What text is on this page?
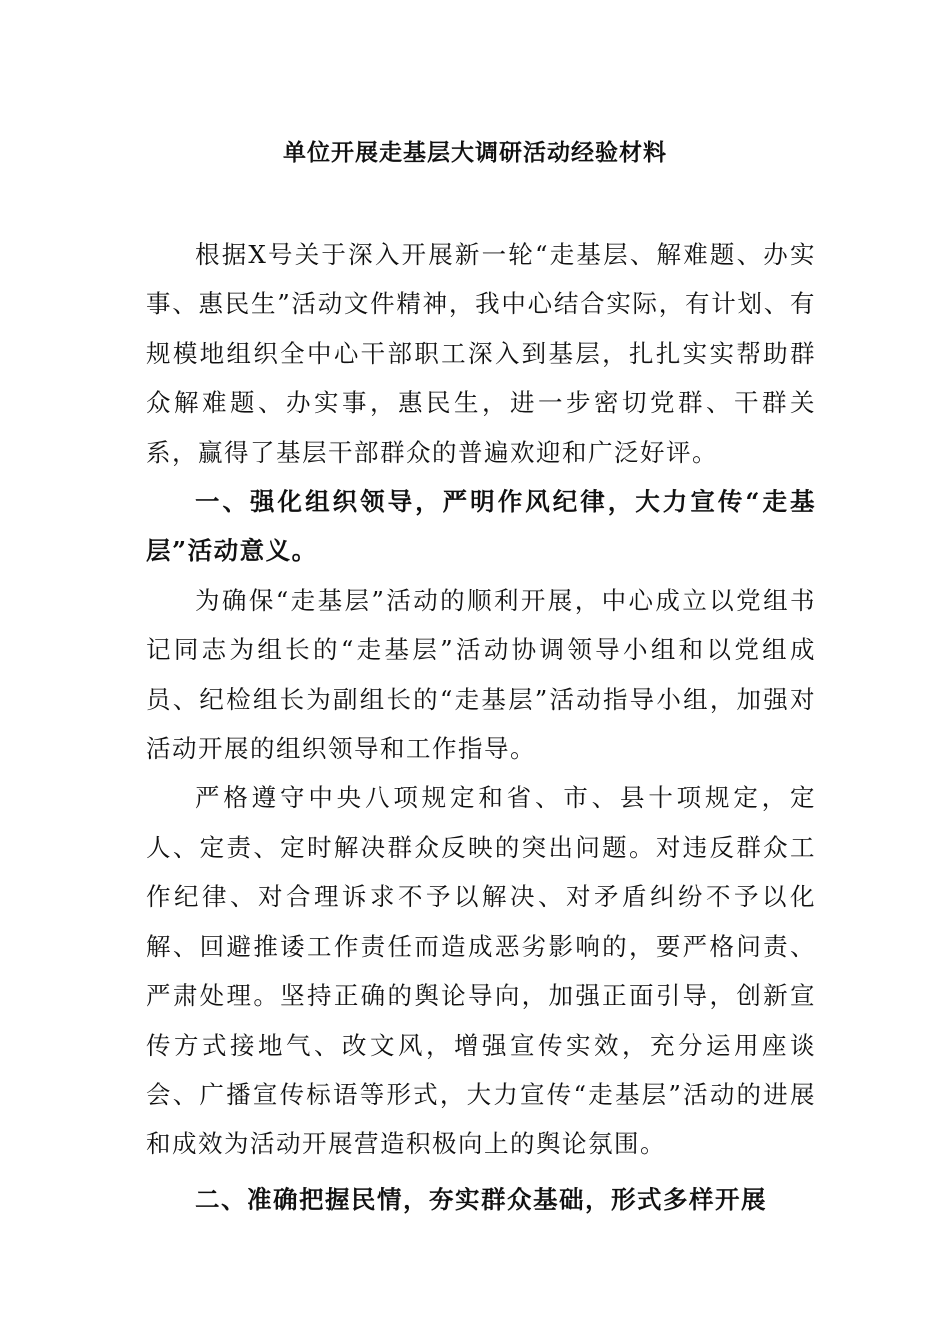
单位开展走基层大调研活动经验材料

根据X号关于深入开展新一轮“走基层、解难题、办实事、惠民生”活动文件精神，我中心结合实际，有计划、有规模地组织全中心干部职工深入到基层，扎扎实实帮助群众解难题、办实事，惠民生，进一步密切党群、干群关系，赢得了基层干部群众的普遍欢迎和广泛好评。

一、强化组织领导，严明作风纪律，大力宣传“走基层”活动意义。

为确保“走基层”活动的顺利开展，中心成立以党组书记同志为组长的“走基层”活动协调领导小组和以党组成员、纪检组长为副组长的“走基层”活动指导小组，加强对活动开展的组织领导和工作指导。

严格遵守中央八项规定和省、市、县十项规定，定人、定责、定时解决群众反映的突出问题。对违反群众工作纪律、对合理诉求不予以解决、对矛盾纠纷不予以化解、回避推诿工作责任而造成恶劣影响的，要严格问责、严肃处理。坚持正确的舆论导向，加强正面引导，创新宣传方式接地气、改文风，增强宣传实效，充分运用座谈会、广播宣传标语等形式，大力宣传“走基层”活动的进展和成效为活动开展营造积极向上的舆论氛围。

二、准确把握民情，夯实群众基础，形式多样开展
